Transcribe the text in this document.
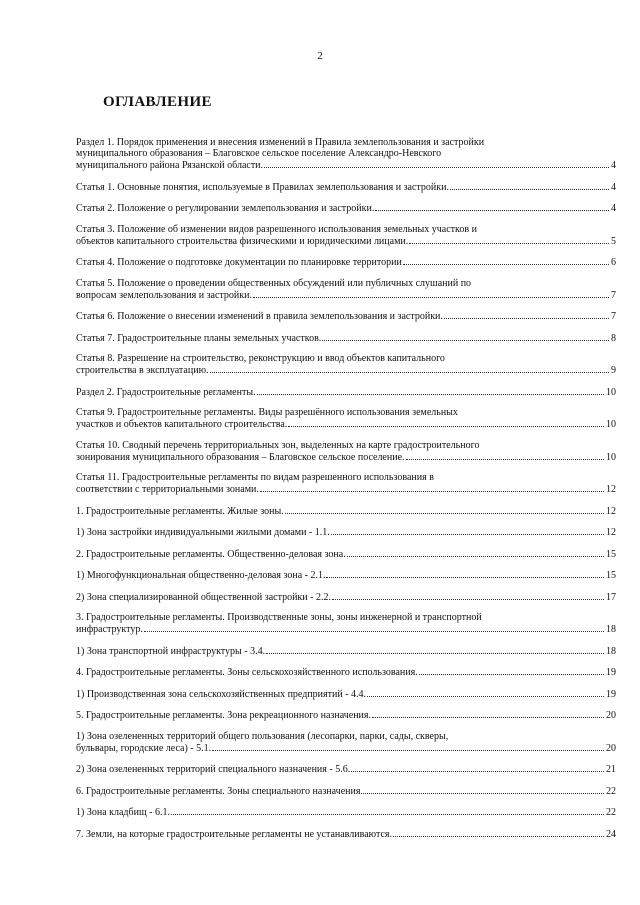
2
ОГЛАВЛЕНИЕ
Раздел 1. Порядок применения и внесения изменений в Правила землепользования и застройки
муниципального образования – Благовское сельское поселение Александро-Невского
муниципального района Рязанской области.	4
Статья 1. Основные понятия, используемые в Правилах землепользования и застройки.	4
Статья 2. Положение о регулировании землепользования и застройки.	4
Статья 3. Положение об изменении видов разрешенного использования земельных участков и
объектов капитального строительства физическими и юридическими лицами.	5
Статья 4. Положение о подготовке документации по планировке территории	6
Статья 5. Положение о проведении общественных обсуждений или публичных слушаний по
вопросам землепользования и застройки.	7
Статья 6. Положение о внесении изменений в правила землепользования и застройки.	7
Статья 7. Градостроительные планы земельных участков.	8
Статья 8. Разрешение на строительство, реконструкцию и ввод объектов капитального
строительства в эксплуатацию.	9
Раздел 2. Градостроительные регламенты.	10
Статья 9. Градостроительные регламенты. Виды разрешённого использования земельных
участков и объектов капитального строительства.	10
Статья 10. Сводный перечень территориальных зон, выделенных на карте градостроительного
зонирования муниципального образования – Благовское сельское поселение.	10
Статья 11. Градостроительные регламенты по видам разрешенного использования в
соответствии с территориальными зонами.	12
1. Градостроительные регламенты. Жилые зоны.	12
1) Зона застройки индивидуальными жилыми домами - 1.1.	12
2. Градостроительные регламенты. Общественно-деловая зона.	15
1) Многофункциональная общественно-деловая зона - 2.1.	15
2) Зона специализированной общественной застройки - 2.2.	17
3. Градостроительные регламенты. Производственные зоны, зоны инженерной и транспортной
инфраструктур.	18
1) Зона транспортной инфраструктуры - 3.4.	18
4. Градостроительные регламенты. Зоны сельскохозяйственного использования.	19
1) Производственная зона сельскохозяйственных предприятий - 4.4.	19
5. Градостроительные регламенты. Зона рекреационного назначения.	20
1) Зона озелененных территорий общего пользования (лесопарки, парки, сады, скверы,
бульвары, городские леса) - 5.1.	20
2) Зона озелененных территорий специального назначения - 5.6.	21
6. Градостроительные регламенты. Зоны специального назначения	22
1) Зона кладбищ - 6.1.	22
7. Земли, на которые градостроительные регламенты не устанавливаются.	24
